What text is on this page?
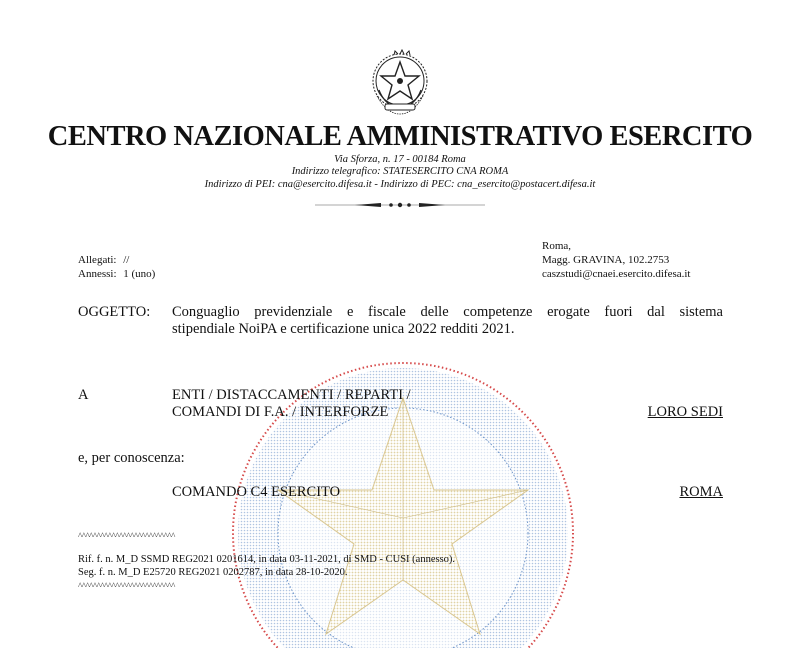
CENTRO NAZIONALE AMMINISTRATIVO ESERCITO
Via Sforza, n. 17 - 00184 Roma
Indirizzo telegrafico: STATESERCITO CNA ROMA
Indirizzo di PEI: cna@esercito.difesa.it - Indirizzo di PEC: cna_esercito@postacert.difesa.it
Allegati: //
Annessi: 1 (uno)
Roma,
Magg. GRAVINA, 102.2753
caszstudi@cnaei.esercito.difesa.it
OGGETTO: Conguaglio previdenziale e fiscale delle competenze erogate fuori dal sistema
stipendiale NoiPA e certificazione unica 2022 redditi 2021.
A	ENTI / DISTACCAMENTI / REPARTI /
COMANDI DI F.A. / INTERFORZE	LORO SEDI
e, per conoscenza:
COMANDO C4 ESERCITO	ROMA
^^^^^^^^^^^^^^^^^^^^^^^^^^
Rif. f. n. M_D SSMD REG2021 0201614, in data 03-11-2021, di SMD - CUSI (annesso).
Seg. f. n. M_D E25720 REG2021 0202787, in data 28-10-2020.
^^^^^^^^^^^^^^^^^^^^^^^^^^
